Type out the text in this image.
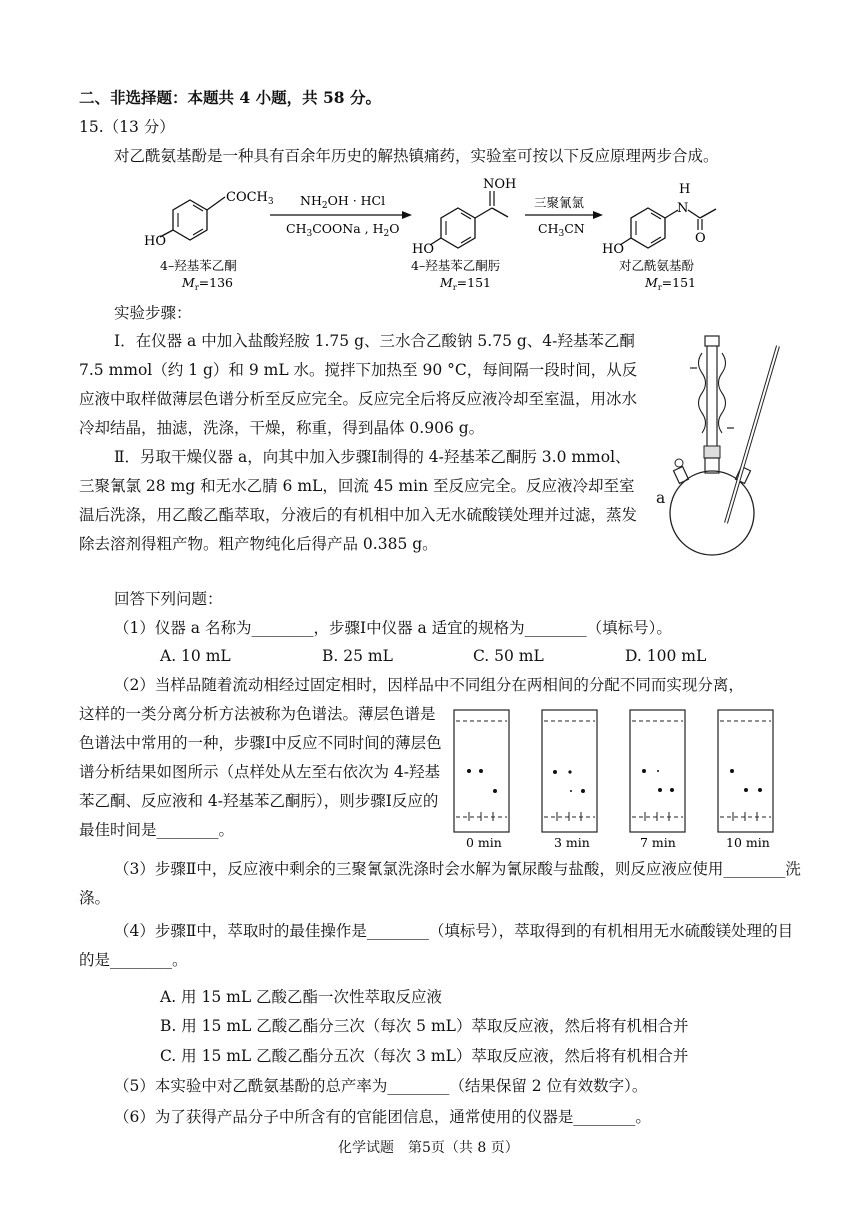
二、非选择题：本题共 4 小题，共 58 分。
15.（13 分）
对乙酰氨基酚是一种具有百余年历史的解热镇痛药，实验室可按以下反应原理两步合成。
$COCH_3$
HO
$NH_2OH$ · HCl
$CH_3COONa$ , $H_2O$
NOH
HO
三聚氰氯
$CH_3CN$
H
N
O
HO
4–羟基苯乙酮
$M_r=136$
4–羟基苯乙酮肟
$M_r=151$
对乙酰氨基酚
$M_r=151$
实验步骤：
Ⅰ．在仪器 a 中加入盐酸羟胺 1.75 g、三水合乙酸钠 5.75 g、4-羟基苯乙酮 7.5 mmol（约 1 g）和 9 mL 水。搅拌下加热至 90 °C，每间隔一段时间，从反应液中取样做薄层色谱分析至反应完全。反应完全后将反应液冷却至室温，用冰水冷却结晶，抽滤，洗涤，干燥，称重，得到晶体 0.906 g。
Ⅱ．另取干燥仪器 a，向其中加入步骤Ⅰ制得的 4-羟基苯乙酮肟 3.0 mmol、三聚氰氯 28 mg 和无水乙腈 6 mL，回流 45 min 至反应完全。反应液冷却至室温后洗涤，用乙酸乙酯萃取，分液后的有机相中加入无水硫酸镁处理并过滤，蒸发除去溶剂得粗产物。粗产物纯化后得产品 0.385 g。
a
回答下列问题：
（1）仪器 a 名称为________，步骤Ⅰ中仪器 a 适宜的规格为________（填标号）。
A. 10 mL	B. 25 mL	C. 50 mL	D. 100 mL
（2）当样品随着流动相经过固定相时，因样品中不同组分在两相间的分配不同而实现分离，
这样的一类分离分析方法被称为色谱法。薄层色谱是色谱法中常用的一种，步骤Ⅰ中反应不同时间的薄层色谱分析结果如图所示（点样处从左至右依次为 4-羟基苯乙酮、反应液和 4-羟基苯乙酮肟），则步骤Ⅰ反应的最佳时间是________。
0 min	3 min	7 min	10 min
（3）步骤Ⅱ中，反应液中剩余的三聚氰氯洗涤时会水解为氰尿酸与盐酸，则反应液应使用________洗涤。
（4）步骤Ⅱ中，萃取时的最佳操作是________（填标号），萃取得到的有机相用无水硫酸镁处理的目的是________。
A. 用 15 mL 乙酸乙酯一次性萃取反应液
B. 用 15 mL 乙酸乙酯分三次（每次 5 mL）萃取反应液，然后将有机相合并
C. 用 15 mL 乙酸乙酯分五次（每次 3 mL）萃取反应液，然后将有机相合并
（5）本实验中对乙酰氨基酚的总产率为________（结果保留 2 位有效数字）。
（6）为了获得产品分子中所含有的官能团信息，通常使用的仪器是________。
化学试题　第5页（共 8 页）
